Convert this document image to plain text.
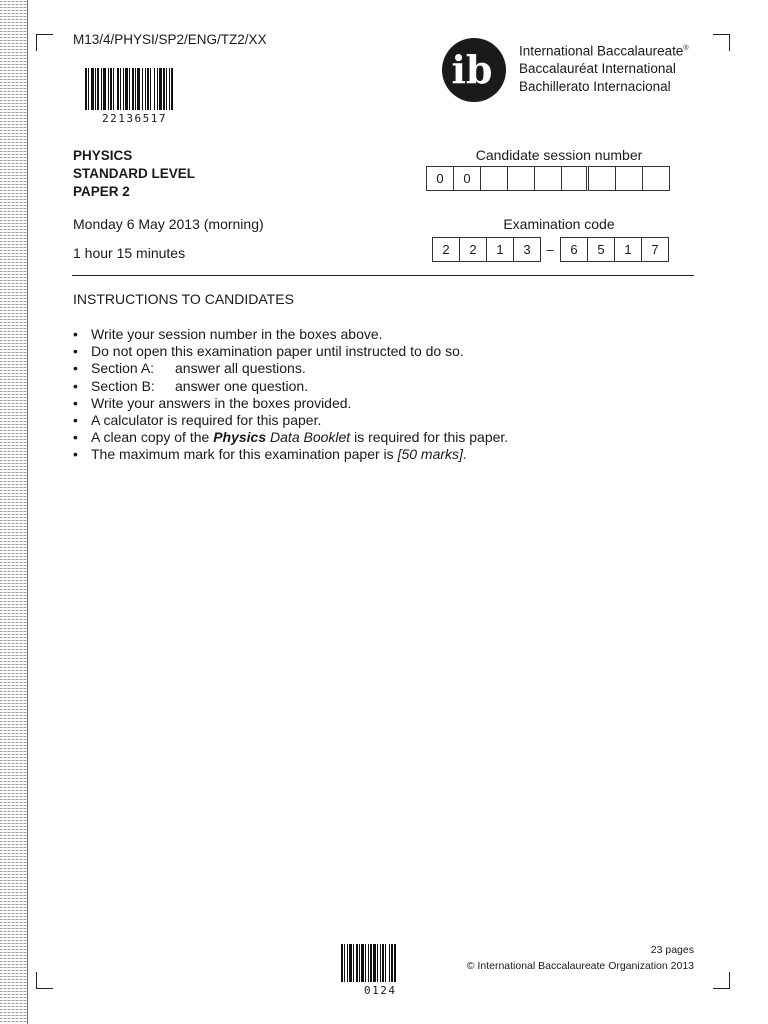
M13/4/PHYSI/SP2/ENG/TZ2/XX
22136517
ib International Baccalaureate®
Baccalauréat International
Bachillerato Internacional
PHYSICS
STANDARD LEVEL
PAPER 2
Monday 6 May 2013 (morning)
1 hour 15 minutes
Candidate session number
0	0
Examination code
2	2	1	3	–	6	5	1	7
INSTRUCTIONS TO CANDIDATES
• Write your session number in the boxes above.
• Do not open this examination paper until instructed to do so.
• Section A: answer all questions.
• Section B: answer one question.
• Write your answers in the boxes provided.
• A calculator is required for this paper.
• A clean copy of the Physics Data Booklet is required for this paper.
• The maximum mark for this examination paper is [50 marks].
0124
23 pages
© International Baccalaureate Organization 2013
